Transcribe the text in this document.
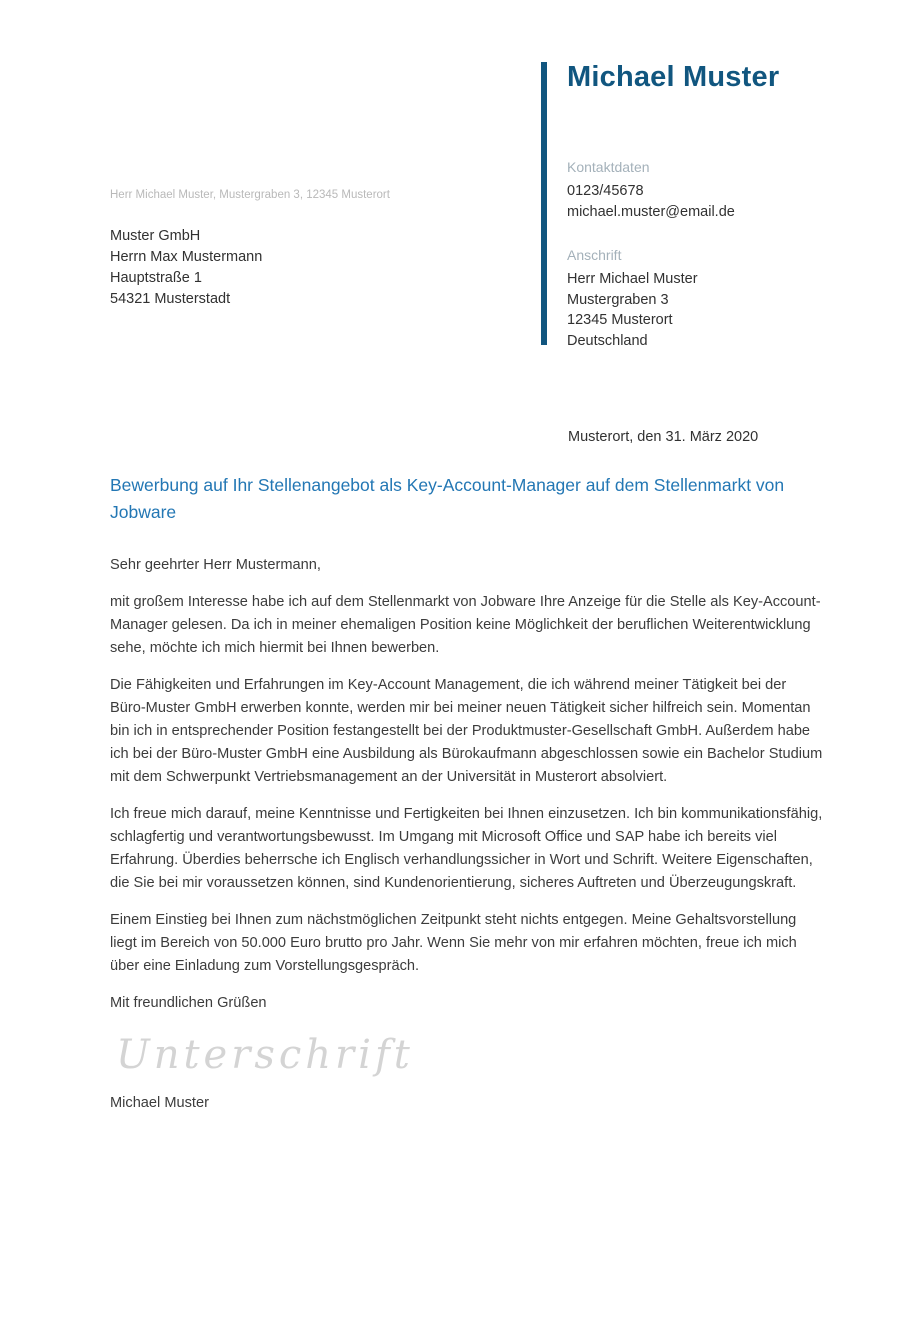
Michael Muster
Kontaktdaten
0123/45678
michael.muster@email.de
Anschrift
Herr Michael Muster
Mustergraben 3
12345 Musterort
Deutschland
Herr Michael Muster, Mustergraben 3, 12345 Musterort
Muster GmbH
Herrn Max Mustermann
Hauptstraße 1
54321 Musterstadt
Musterort, den 31. März 2020
Bewerbung auf Ihr Stellenangebot als Key-Account-Manager auf dem Stellenmarkt von Jobware

Sehr geehrter Herr Mustermann,

mit großem Interesse habe ich auf dem Stellenmarkt von Jobware Ihre Anzeige für die Stelle als Key-Account-Manager gelesen. Da ich in meiner ehemaligen Position keine Möglichkeit der beruflichen Weiterentwicklung sehe, möchte ich mich hiermit bei Ihnen bewerben.

Die Fähigkeiten und Erfahrungen im Key-Account Management, die ich während meiner Tätigkeit bei der Büro-Muster GmbH erwerben konnte, werden mir bei meiner neuen Tätigkeit sicher hilfreich sein. Momentan bin ich in entsprechender Position festangestellt bei der Produktmuster-Gesellschaft GmbH. Außerdem habe ich bei der Büro-Muster GmbH eine Ausbildung als Bürokaufmann abgeschlossen sowie ein Bachelor Studium mit dem Schwerpunkt Vertriebsmanagement an der Universität in Musterort absolviert.

Ich freue mich darauf, meine Kenntnisse und Fertigkeiten bei Ihnen einzusetzen. Ich bin kommunikationsfähig, schlagfertig und verantwortungsbewusst. Im Umgang mit Microsoft Office und SAP habe ich bereits viel Erfahrung. Überdies beherrsche ich Englisch verhandlungssicher in Wort und Schrift. Weitere Eigenschaften, die Sie bei mir voraussetzen können, sind Kundenorientierung, sicheres Auftreten und Überzeugungskraft.

Einem Einstieg bei Ihnen zum nächstmöglichen Zeitpunkt steht nichts entgegen. Meine Gehaltsvorstellung liegt im Bereich von 50.000 Euro brutto pro Jahr. Wenn Sie mehr von mir erfahren möchten, freue ich mich über eine Einladung zum Vorstellungsgespräch.

Mit freundlichen Grüßen

Unterschrift
Michael Muster
